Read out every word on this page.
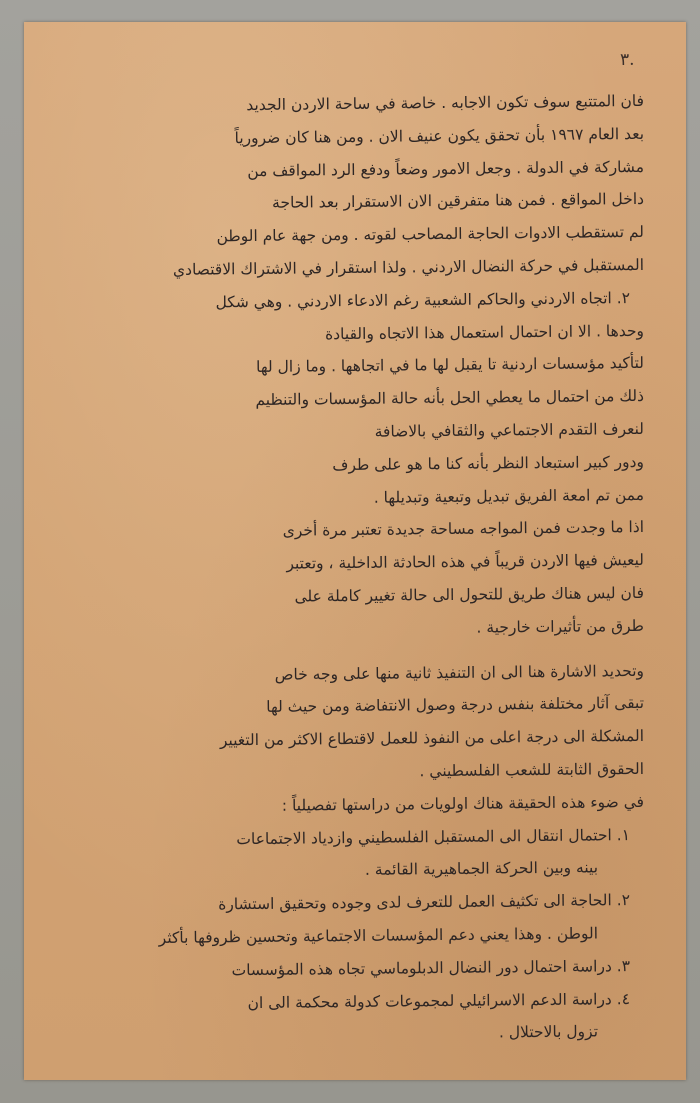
٣.
فان المتتبع سوف تكون الاجابه . خاصة في ساحة الاردن الجديد
بعد العام ١٩٦٧ بأن تحقق يكون عنيف الان . ومن هنا كان ضرورياً
مشاركة في الدولة . وجعل الامور وضعاً ودفع الرد المواقف من
داخل المواقع . فمن هنا متفرقين الان الاستقرار بعد الحاجة
لم تستقطب الادوات الحاجة المصاحب لقوته . ومن جهة عام الوطن
المستقبل في حركة النضال الاردني . ولذا استقرار في الاشتراك الاقتصادي
٢. اتجاه الاردني والحاكم الشعبية رغم الادعاء الاردني . وهي شكل
وحدها . الا ان احتمال استعمال هذا الاتجاه والقيادة
لتأكيد مؤسسات اردنية تا يقبل لها ما في اتجاهها . وما زال لها
ذلك من احتمال ما يعطي الحل بأنه حالة المؤسسات والتنظيم
لنعرف التقدم الاجتماعي والثقافي بالاضافة
ودور كبير استبعاد النظر بأنه كنا ما هو على طرف
ممن تم امعة الفريق تبديل وتبعية وتبديلها .
اذا ما وجدت فمن المواجه مساحة جديدة تعتبر مرة أخرى
ليعيش فيها الاردن قريباً في هذه الحادثة الداخلية ، وتعتبر
فان ليس هناك طريق للتحول الى حالة تغيير كاملة على
طرق من تأثيرات خارجية .
وتحديد الاشارة هنا الى ان التنفيذ ثانية منها على وجه خاص
تبقى آثار مختلفة بنفس درجة وصول الانتفاضة ومن حيث لها
المشكلة الى درجة اعلى من النفوذ للعمل لاقتطاع الاكثر من التغيير
الحقوق الثابتة للشعب الفلسطيني .
في ضوء هذه الحقيقة هناك اولويات من دراستها تفصيلياً :
١. احتمال انتقال الى المستقبل الفلسطيني وازدياد الاجتماعات
بينه وبين الحركة الجماهيرية القائمة .
٢. الحاجة الى تكثيف العمل للتعرف لدى وجوده وتحقيق استشارة
الوطن . وهذا يعني دعم المؤسسات الاجتماعية وتحسين ظروفها بأكثر
٣. دراسة احتمال دور النضال الدبلوماسي تجاه هذه المؤسسات
٤. دراسة الدعم الاسرائيلي لمجموعات كدولة محكمة الى ان
تزول بالاحتلال .
